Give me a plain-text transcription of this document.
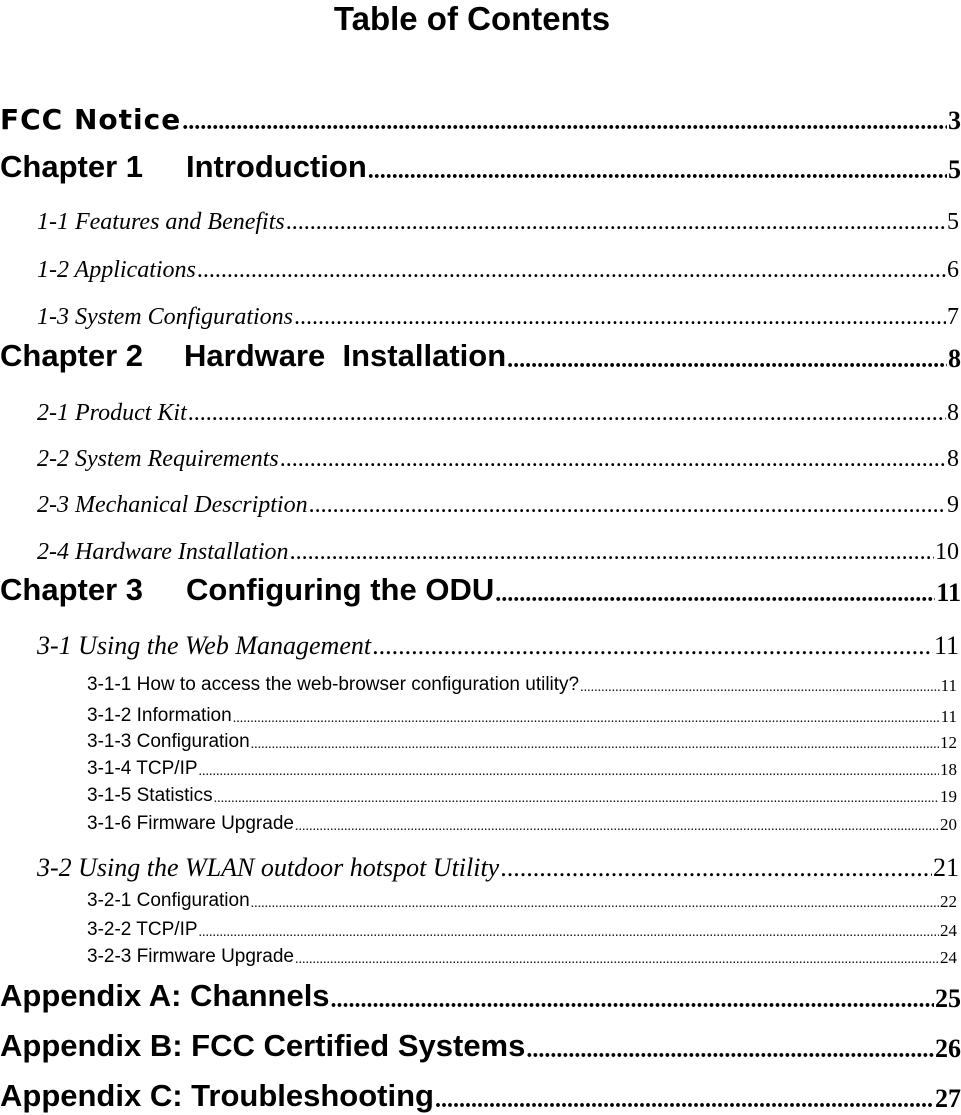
Table of Contents
FCC Notice .....	3
Chapter 1 Introduction .....	5
1-1 Features and Benefits .....	5
1-2 Applications .....	6
1-3 System Configurations .....	7
Chapter 2 Hardware  Installation .....	8
2-1 Product Kit .....	8
2-2 System Requirements .....	8
2-3 Mechanical Description .....	9
2-4 Hardware Installation .....	10
Chapter 3 Configuring the ODU .....	11
3-1 Using the Web Management .....	11
3-1-1 How to access the web-browser configuration utility? .....	11
3-1-2 Information .....	11
3-1-3 Configuration .....	12
3-1-4 TCP/IP .....	18
3-1-5 Statistics .....	19
3-1-6 Firmware Upgrade .....	20
3-2 Using the WLAN outdoor hotspot Utility .....	21
3-2-1 Configuration .....	22
3-2-2 TCP/IP .....	24
3-2-3 Firmware Upgrade .....	24
Appendix A: Channels .....	25
Appendix B: FCC Certified Systems .....	26
Appendix C: Troubleshooting .....	27
